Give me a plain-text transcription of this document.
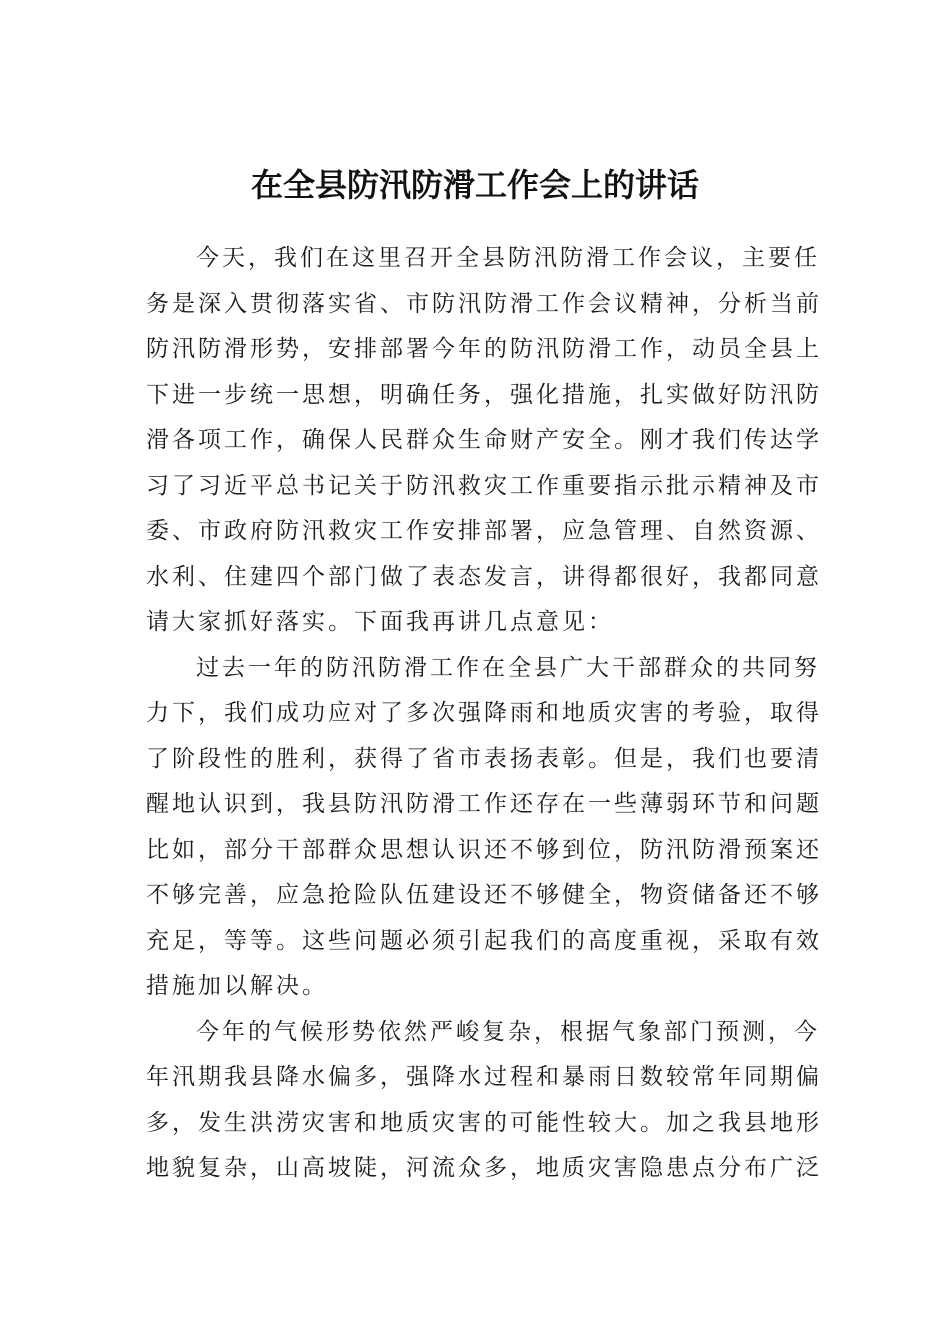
在全县防汛防滑工作会上的讲话

今天，我们在这里召开全县防汛防滑工作会议，主要任
务是深入贯彻落实省、市防汛防滑工作会议精神，分析当前
防汛防滑形势，安排部署今年的防汛防滑工作，动员全县上
下进一步统一思想，明确任务，强化措施，扎实做好防汛防
滑各项工作，确保人民群众生命财产安全。刚才我们传达学
习了习近平总书记关于防汛救灾工作重要指示批示精神及市
委、市政府防汛救灾工作安排部署，应急管理、自然资源、
水利、住建四个部门做了表态发言，讲得都很好，我都同意
请大家抓好落实。下面我再讲几点意见：

过去一年的防汛防滑工作在全县广大干部群众的共同努
力下，我们成功应对了多次强降雨和地质灾害的考验，取得
了阶段性的胜利，获得了省市表扬表彰。但是，我们也要清
醒地认识到，我县防汛防滑工作还存在一些薄弱环节和问题
比如，部分干部群众思想认识还不够到位，防汛防滑预案还
不够完善，应急抢险队伍建设还不够健全，物资储备还不够
充足，等等。这些问题必须引起我们的高度重视，采取有效
措施加以解决。

今年的气候形势依然严峻复杂，根据气象部门预测，今
年汛期我县降水偏多，强降水过程和暴雨日数较常年同期偏
多，发生洪涝灾害和地质灾害的可能性较大。加之我县地形
地貌复杂，山高坡陡，河流众多，地质灾害隐患点分布广泛
